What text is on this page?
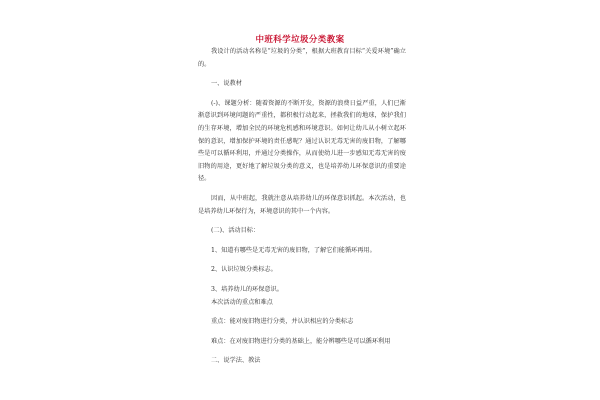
中班科学垃圾分类教案

我设计的活动名称是“垃圾的分类”，根据大班教育目标“关爱环境”确立的。

一、说教材

(-)、课题分析：随着资源的不断开发，资源的浪费日益严重，人们已渐渐意识到环境问题的严重性，都积极行动起来，拯救我们的地球，保护我们的生存环境，增加全民的环境危机感和环境意识。如何让幼儿从小树立起环保的意识，增加保护环境的责任感呢？通过认识无毒无害的废旧物，了解哪些是可以循环利用，并通过分类操作，从而使幼儿进一步感知无毒无害的废旧物的用途，更好地了解垃圾分类的意义，也是培养幼儿环保意识的重要途径。

因而，从中班起，我就注意从培养幼儿的环保意识抓起。本次活动，也是培养幼儿环保行为，环境意识的其中一个内容。

(二)、活动目标：

1、知道有哪些是无毒无害的废旧物，了解它们能循环再用。

2、认识垃圾分类标志。

3、培养幼儿的环保意识。

本次活动的重点和难点

重点：能对废旧物进行分类，并认识相应的分类标志

难点：在对废旧物进行分类的基础上，能分辨哪些是可以循环利用

二、说学法、教法
